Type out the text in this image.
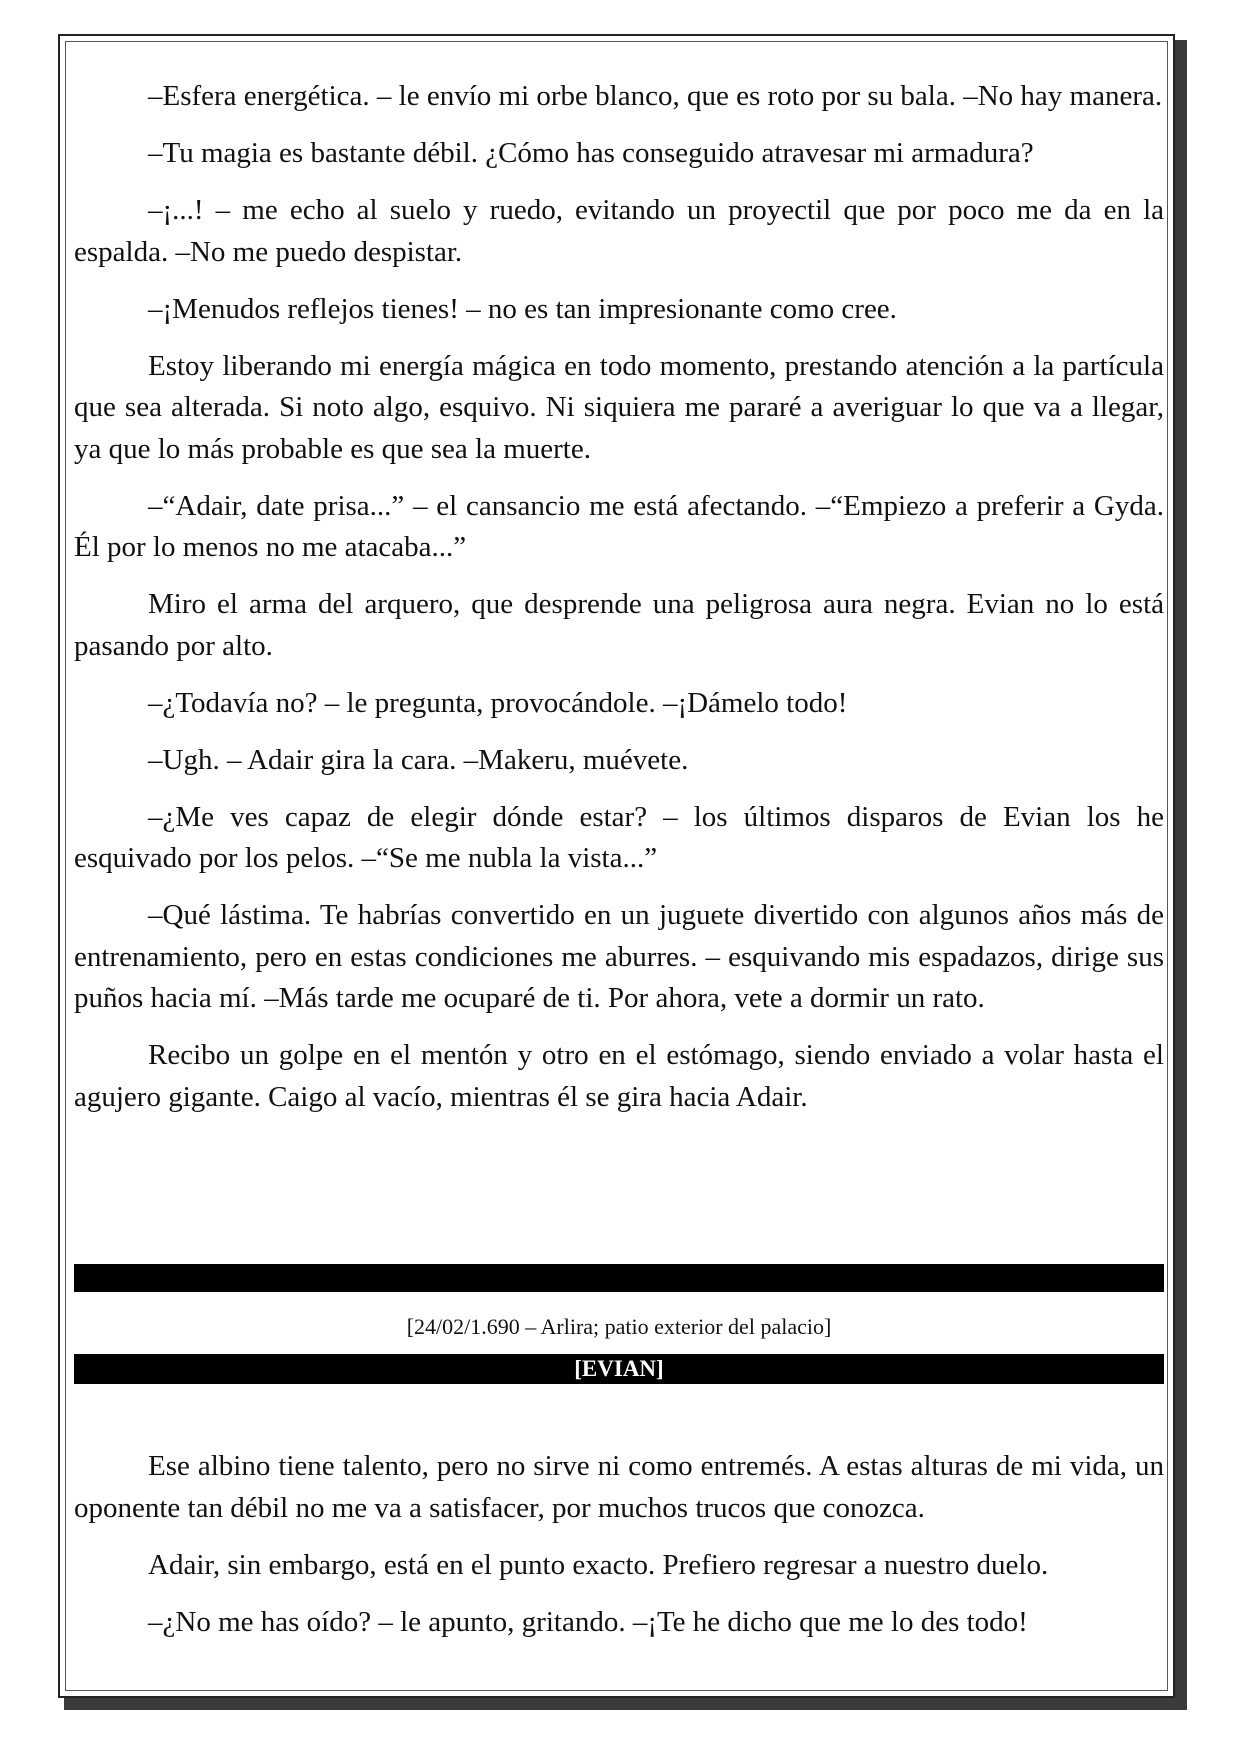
–Esfera energética. – le envío mi orbe blanco, que es roto por su bala. –No hay manera.

–Tu magia es bastante débil. ¿Cómo has conseguido atravesar mi armadura?

–¡...! – me echo al suelo y ruedo, evitando un proyectil que por poco me da en la espalda. –No me puedo despistar.

–¡Menudos reflejos tienes! – no es tan impresionante como cree.

Estoy liberando mi energía mágica en todo momento, prestando atención a la partícula que sea alterada. Si noto algo, esquivo. Ni siquiera me pararé a averiguar lo que va a llegar, ya que lo más probable es que sea la muerte.

–“Adair, date prisa...” – el cansancio me está afectando. –“Empiezo a preferir a Gyda. Él por lo menos no me atacaba...”

Miro el arma del arquero, que desprende una peligrosa aura negra. Evian no lo está pasando por alto.

–¿Todavía no? – le pregunta, provocándole. –¡Dámelo todo!

–Ugh. – Adair gira la cara. –Makeru, muévete.

–¿Me ves capaz de elegir dónde estar? – los últimos disparos de Evian los he esquivado por los pelos. –“Se me nubla la vista...”

–Qué lástima. Te habrías convertido en un juguete divertido con algunos años más de entrenamiento, pero en estas condiciones me aburres. – esquivando mis espadazos, dirige sus puños hacia mí. –Más tarde me ocuparé de ti. Por ahora, vete a dormir un rato.

Recibo un golpe en el mentón y otro en el estómago, siendo enviado a volar hasta el agujero gigante. Caigo al vacío, mientras él se gira hacia Adair.

[24/02/1.690 – Arlira; patio exterior del palacio]
[EVIAN]

Ese albino tiene talento, pero no sirve ni como entremés. A estas alturas de mi vida, un oponente tan débil no me va a satisfacer, por muchos trucos que conozca.

Adair, sin embargo, está en el punto exacto. Prefiero regresar a nuestro duelo.

–¿No me has oído? – le apunto, gritando. –¡Te he dicho que me lo des todo!
